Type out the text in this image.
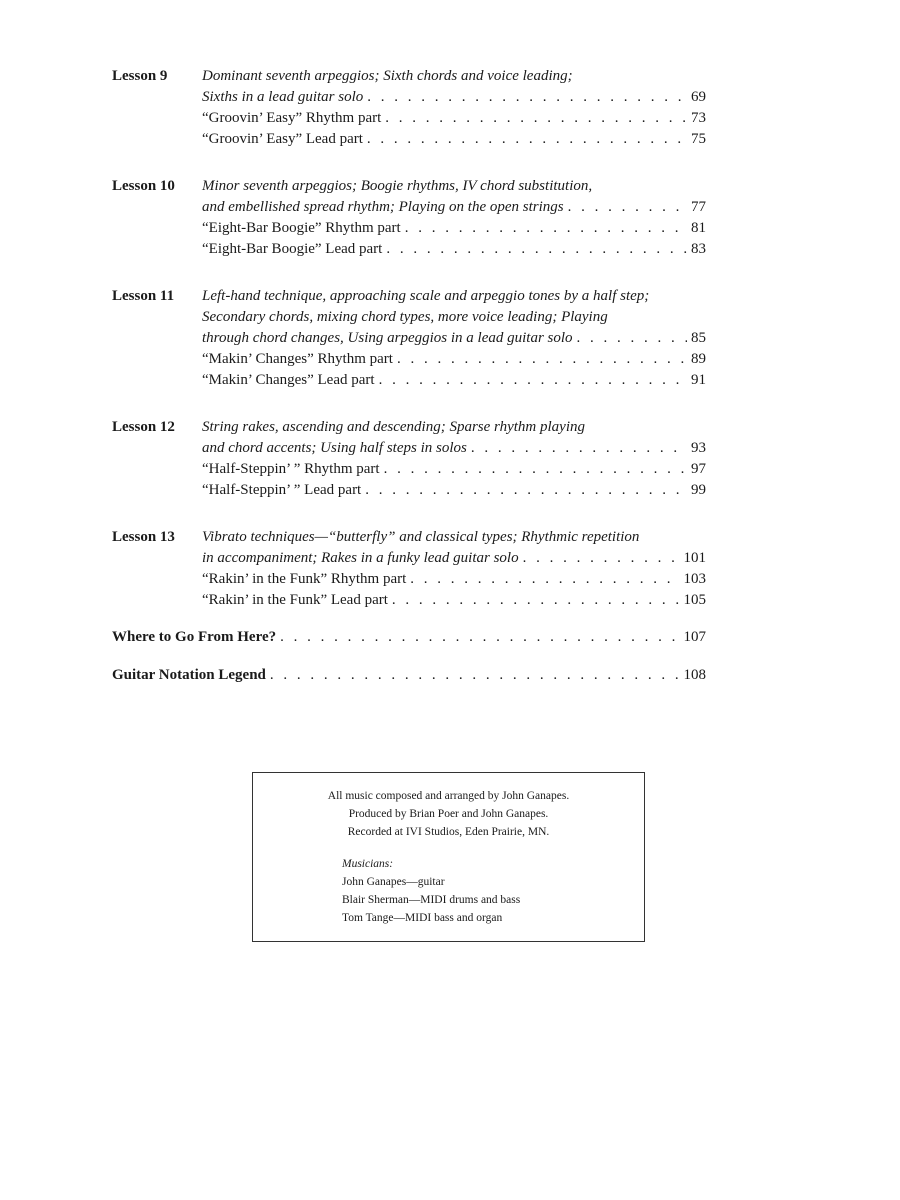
Lesson 9	Dominant seventh arpeggios; Sixth chords and voice leading;
Sixths in a lead guitar solo . . .	69
“Groovin’ Easy” Rhythm part . . .	73
“Groovin’ Easy” Lead part . . .	75
Lesson 10	Minor seventh arpeggios; Boogie rhythms, IV chord substitution,
and embellished spread rhythm; Playing on the open strings . . .	77
“Eight-Bar Boogie” Rhythm part . . .	81
“Eight-Bar Boogie” Lead part . . .	83
Lesson 11	Left-hand technique, approaching scale and arpeggio tones by a half step;
Secondary chords, mixing chord types, more voice leading; Playing
through chord changes, Using arpeggios in a lead guitar solo . . .	85
“Makin’ Changes” Rhythm part . . .	89
“Makin’ Changes” Lead part . . .	91
Lesson 12	String rakes, ascending and descending; Sparse rhythm playing
and chord accents; Using half steps in solos . . .	93
“Half-Steppin’ ” Rhythm part . . .	97
“Half-Steppin’ ” Lead part . . .	99
Lesson 13	Vibrato techniques—“butterfly” and classical types; Rhythmic repetition
in accompaniment; Rakes in a funky lead guitar solo . . .	101
“Rakin’ in the Funk” Rhythm part . . .	103
“Rakin’ in the Funk” Lead part . . .	105
Where to Go From Here? . . .	107
Guitar Notation Legend . . .	108
All music composed and arranged by John Ganapes.
Produced by Brian Poer and John Ganapes.
Recorded at IVI Studios, Eden Prairie, MN.
Musicians:
John Ganapes—guitar
Blair Sherman—MIDI drums and bass
Tom Tange—MIDI bass and organ
